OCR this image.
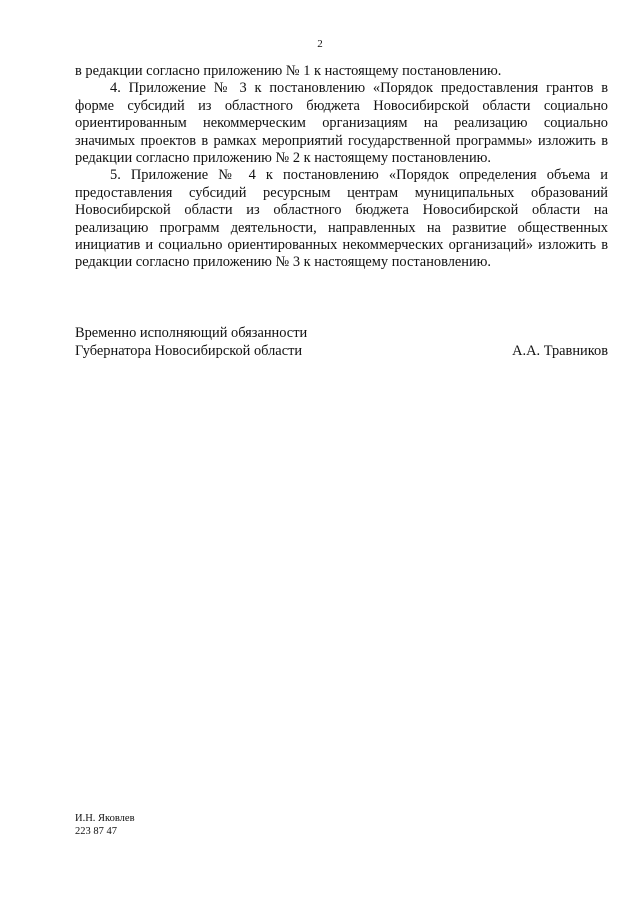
2

в редакции согласно приложению № 1 к настоящему постановлению.

4. Приложение № 3 к постановлению «Порядок предоставления грантов в форме субсидий из областного бюджета Новосибирской области социально ориентированным некоммерческим организациям на реализацию социально значимых проектов в рамках мероприятий государственной программы» изложить в редакции согласно приложению № 2 к настоящему постановлению.

5. Приложение № 4 к постановлению «Порядок определения объема и предоставления субсидий ресурсным центрам муниципальных образований Новосибирской области из областного бюджета Новосибирской области на реализацию программ деятельности, направленных на развитие общественных инициатив и социально ориентированных некоммерческих организаций» изложить в редакции согласно приложению № 3 к настоящему постановлению.

Временно исполняющий обязанности
Губернатора Новосибирской области	А.А. Травников
И.Н. Яковлев
223 87 47
